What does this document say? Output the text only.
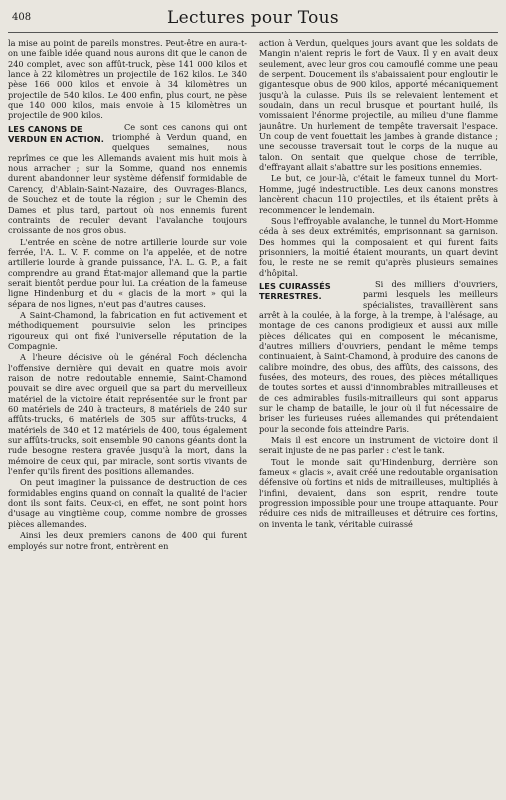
408	Lectures pour Tous

la mise au point de pareils monstres. Peut-être en aura-t-on une faible idée quand nous aurons dit que le canon de 240 complet, avec son affût-truck, pèse 141 000 kilos et lance à 22 kilomètres un projectile de 162 kilos. Le 340 pèse 166 000 kilos et envoie à 34 kilomètres un projectile de 540 kilos. Le 400 enfin, plus court, ne pèse que 140 000 kilos, mais envoie à 15 kilomètres un projectile de 900 kilos.

LES CANONS DE VERDUN EN ACTION.

Ce sont ces canons qui ont triomphé à Verdun quand, en quelques semaines, nous reprîmes ce que les Allemands avaient mis huit mois à nous arracher ; sur la Somme, quand nos ennemis durent abandonner leur système défensif formidable de Carency, d'Ablain-Saint-Nazaire, des Ouvrages-Blancs, de Souchez et de toute la région ; sur le Chemin des Dames et plus tard, partout où nos ennemis furent contraints de reculer devant l'avalanche toujours croissante de nos gros obus.

L'entrée en scène de notre artillerie lourde sur voie ferrée, l'A. L. V. F. comme on l'a appelée, et de notre artillerie lourde à grande puissance, l'A. L. G. P., a fait comprendre au grand État-major allemand que la partie serait bientôt perdue pour lui. La création de la fameuse ligne Hindenburg et du « glacis de la mort » qui la sépara de nos lignes, n'eut pas d'autres causes.

A Saint-Chamond, la fabrication en fut activement et méthodiquement poursuivie selon les principes rigoureux qui ont fixé l'universelle réputation de la Compagnie.

A l'heure décisive où le général Foch déclencha l'offensive dernière qui devait en quatre mois avoir raison de notre redoutable ennemie, Saint-Chamond pouvait se dire avec orgueil que sa part du merveilleux matériel de la victoire était représentée sur le front par 60 matériels de 240 à tracteurs, 8 matériels de 240 sur affûts-trucks, 6 matériels de 305 sur affûts-trucks, 4 matériels de 340 et 12 matériels de 400, tous également sur affûts-trucks, soit ensemble 90 canons géants dont la rude besogne restera gravée jusqu'à la mort, dans la mémoire de ceux qui, par miracle, sont sortis vivants de l'enfer qu'ils firent des positions allemandes.

On peut imaginer la puissance de destruction de ces formidables engins quand on connaît la qualité de l'acier dont ils sont faits. Ceux-ci, en effet, ne sont point hors d'usage au vingtième coup, comme nombre de grosses pièces allemandes.

Ainsi les deux premiers canons de 400 qui furent employés sur notre front, entrèrent en

action à Verdun, quelques jours avant que les soldats de Mangin n'aient repris le fort de Vaux. Il y en avait deux seulement, avec leur gros cou camouflé comme une peau de serpent. Doucement ils s'abaissaient pour engloutir le gigantesque obus de 900 kilos, apporté mécaniquement jusqu'à la culasse. Puis ils se relevaient lentement et soudain, dans un recul brusque et pourtant huilé, ils vomissaient l'énorme projectile, au milieu d'une flamme jaunâtre. Un hurlement de tempête traversait l'espace. Un coup de vent fouettait les jambes à grande distance ; une secousse traversait tout le corps de la nuque au talon. On sentait que quelque chose de terrible, d'effrayant allait s'abattre sur les positions ennemies.

Le but, ce jour-là, c'était le fameux tunnel du Mort-Homme, jugé indestructible. Les deux canons monstres lancèrent chacun 110 projectiles, et ils étaient prêts à recommencer le lendemain.

Sous l'effroyable avalanche, le tunnel du Mort-Homme céda à ses deux extrémités, emprisonnant sa garnison. Des hommes qui la composaient et qui furent faits prisonniers, la moitié étaient mourants, un quart devint fou, le reste ne se remit qu'après plusieurs semaines d'hôpital.

LES CUIRASSÉS TERRESTRES.

Si des milliers d'ouvriers, parmi lesquels les meilleurs spécialistes, travaillèrent sans arrêt à la coulée, à la forge, à la trempe, à l'alésage, au montage de ces canons prodigieux et aussi aux mille pièces délicates qui en composent le mécanisme, d'autres milliers d'ouvriers, pendant le même temps continuaient, à Saint-Chamond, à produire des canons de calibre moindre, des obus, des affûts, des caissons, des fusées, des moteurs, des roues, des pièces métalliques de toutes sortes et aussi d'innombrables mitrailleuses et de ces admirables fusils-mitrailleurs qui sont apparus sur le champ de bataille, le jour où il fut nécessaire de briser les furieuses ruées allemandes qui prétendaient pour la seconde fois atteindre Paris.

Mais il est encore un instrument de victoire dont il serait injuste de ne pas parler : c'est le tank.

Tout le monde sait qu'Hindenburg, derrière son fameux « glacis », avait créé une redoutable organisation défensive où fortins et nids de mitrailleuses, multipliés à l'infini, devaient, dans son esprit, rendre toute progression impossible pour une troupe attaquante. Pour réduire ces nids de mitrailleuses et détruire ces fortins, on inventa le tank, véritable cuirassé
